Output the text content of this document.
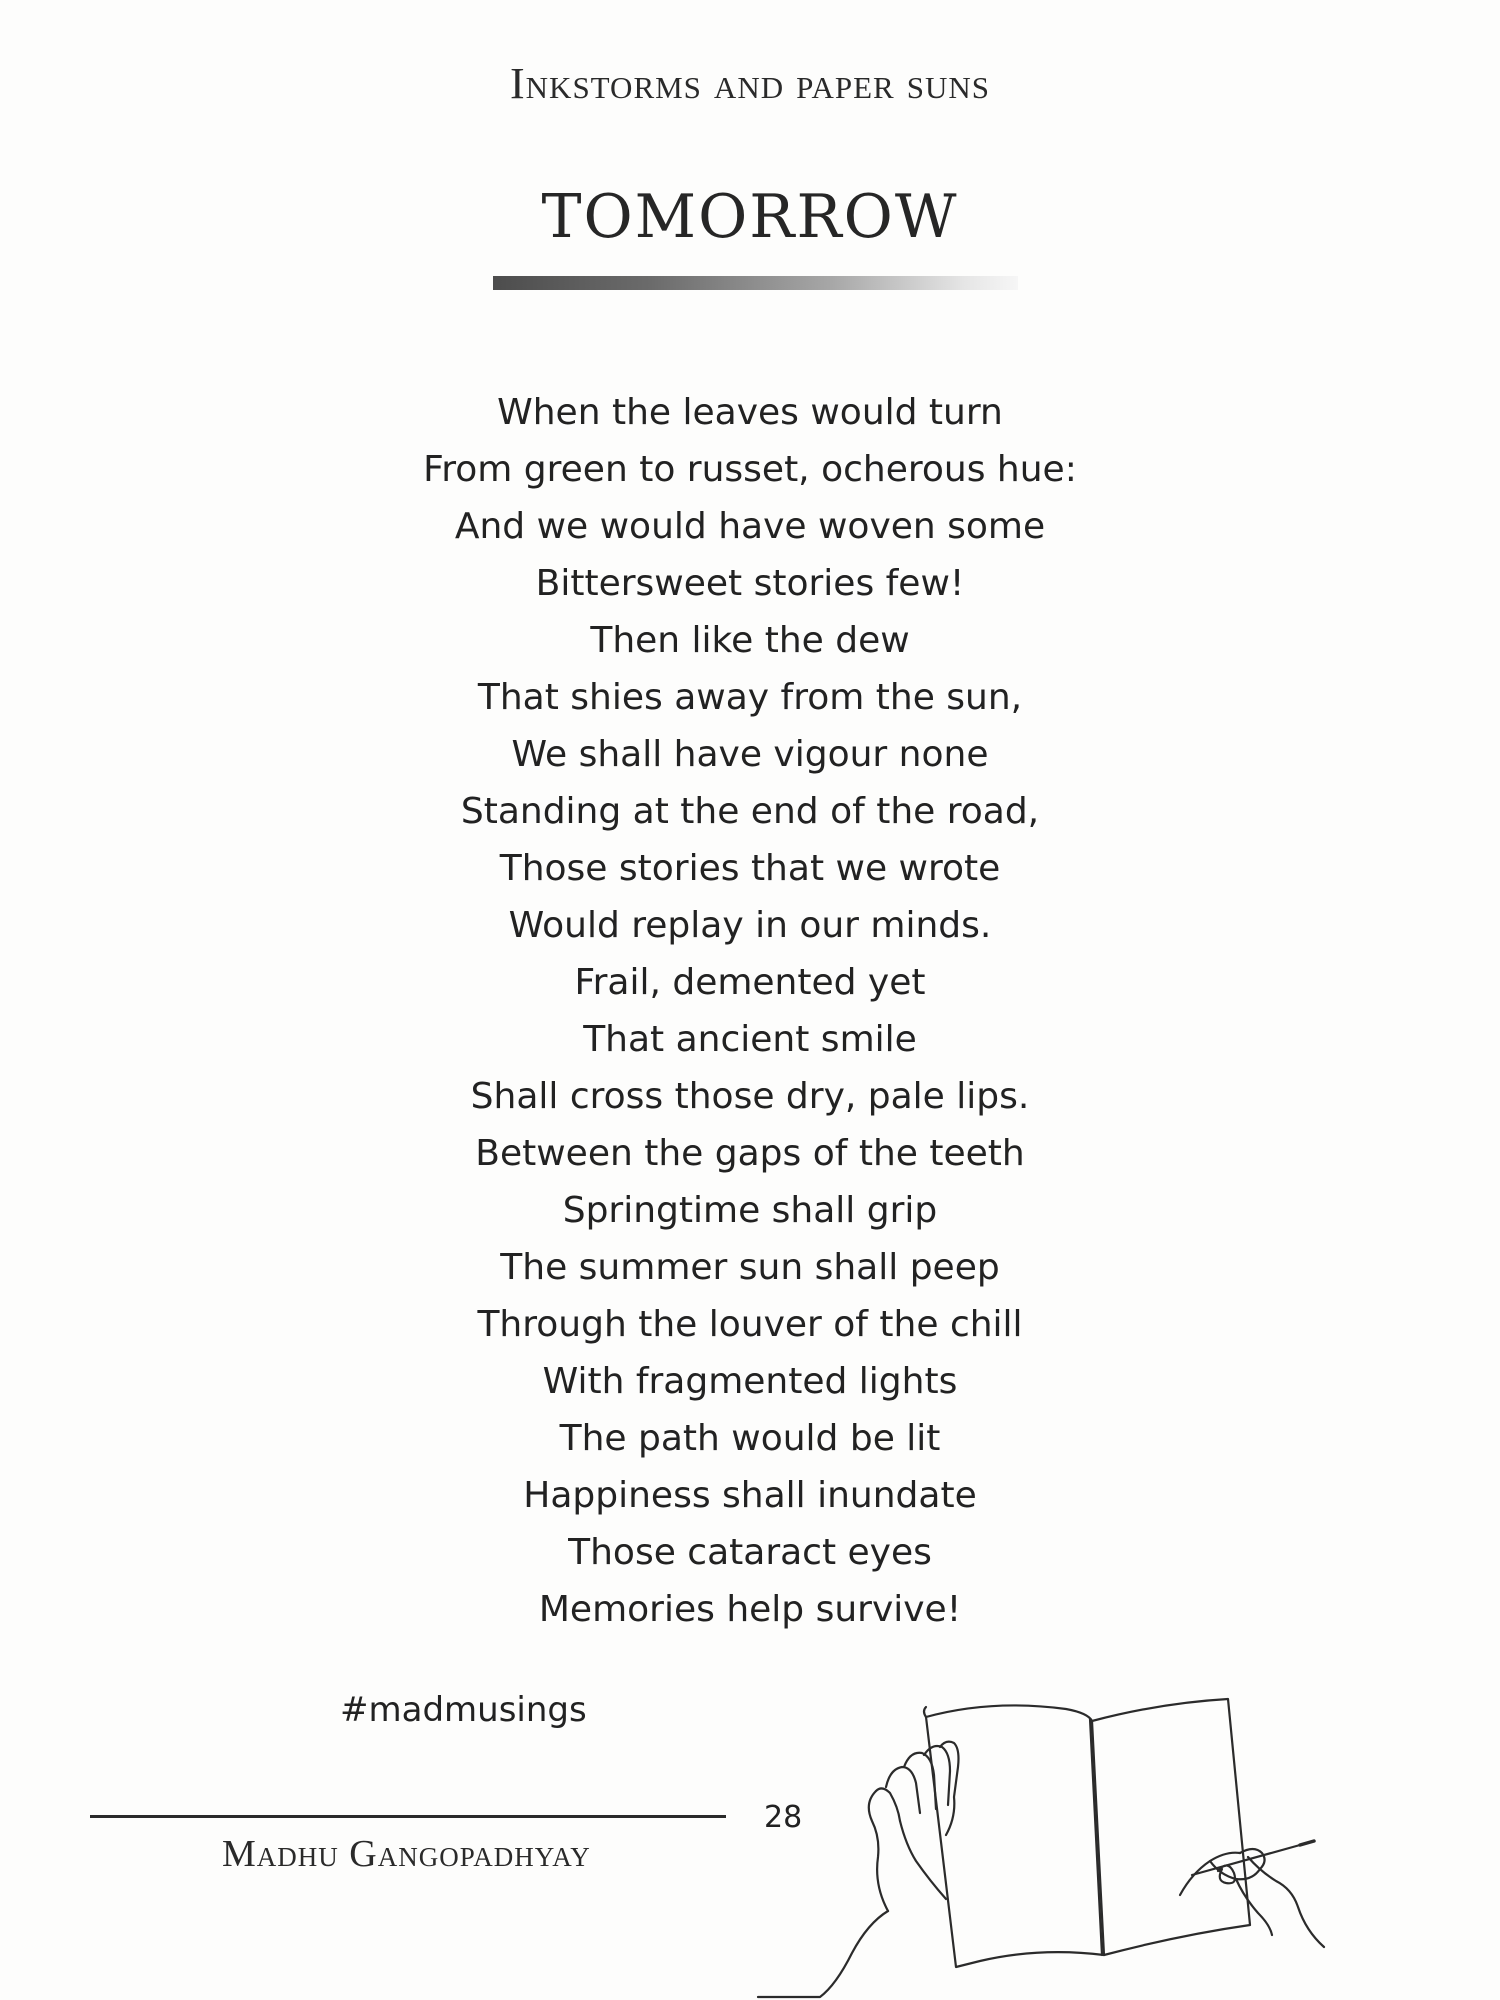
Inkstorms and paper suns
TOMORROW
When the leaves would turn
From green to russet, ocherous hue:
And we would have woven some
Bittersweet stories few!
Then like the dew
That shies away from the sun,
We shall have vigour none
Standing at the end of the road,
Those stories that we wrote
Would replay in our minds.
Frail, demented yet
That ancient smile
Shall cross those dry, pale lips.
Between the gaps of the teeth
Springtime shall grip
The summer sun shall peep
Through the louver of the chill
With fragmented lights
The path would be lit
Happiness shall inundate
Those cataract eyes
Memories help survive!
#madmusings
28
Madhu Gangopadhyay
